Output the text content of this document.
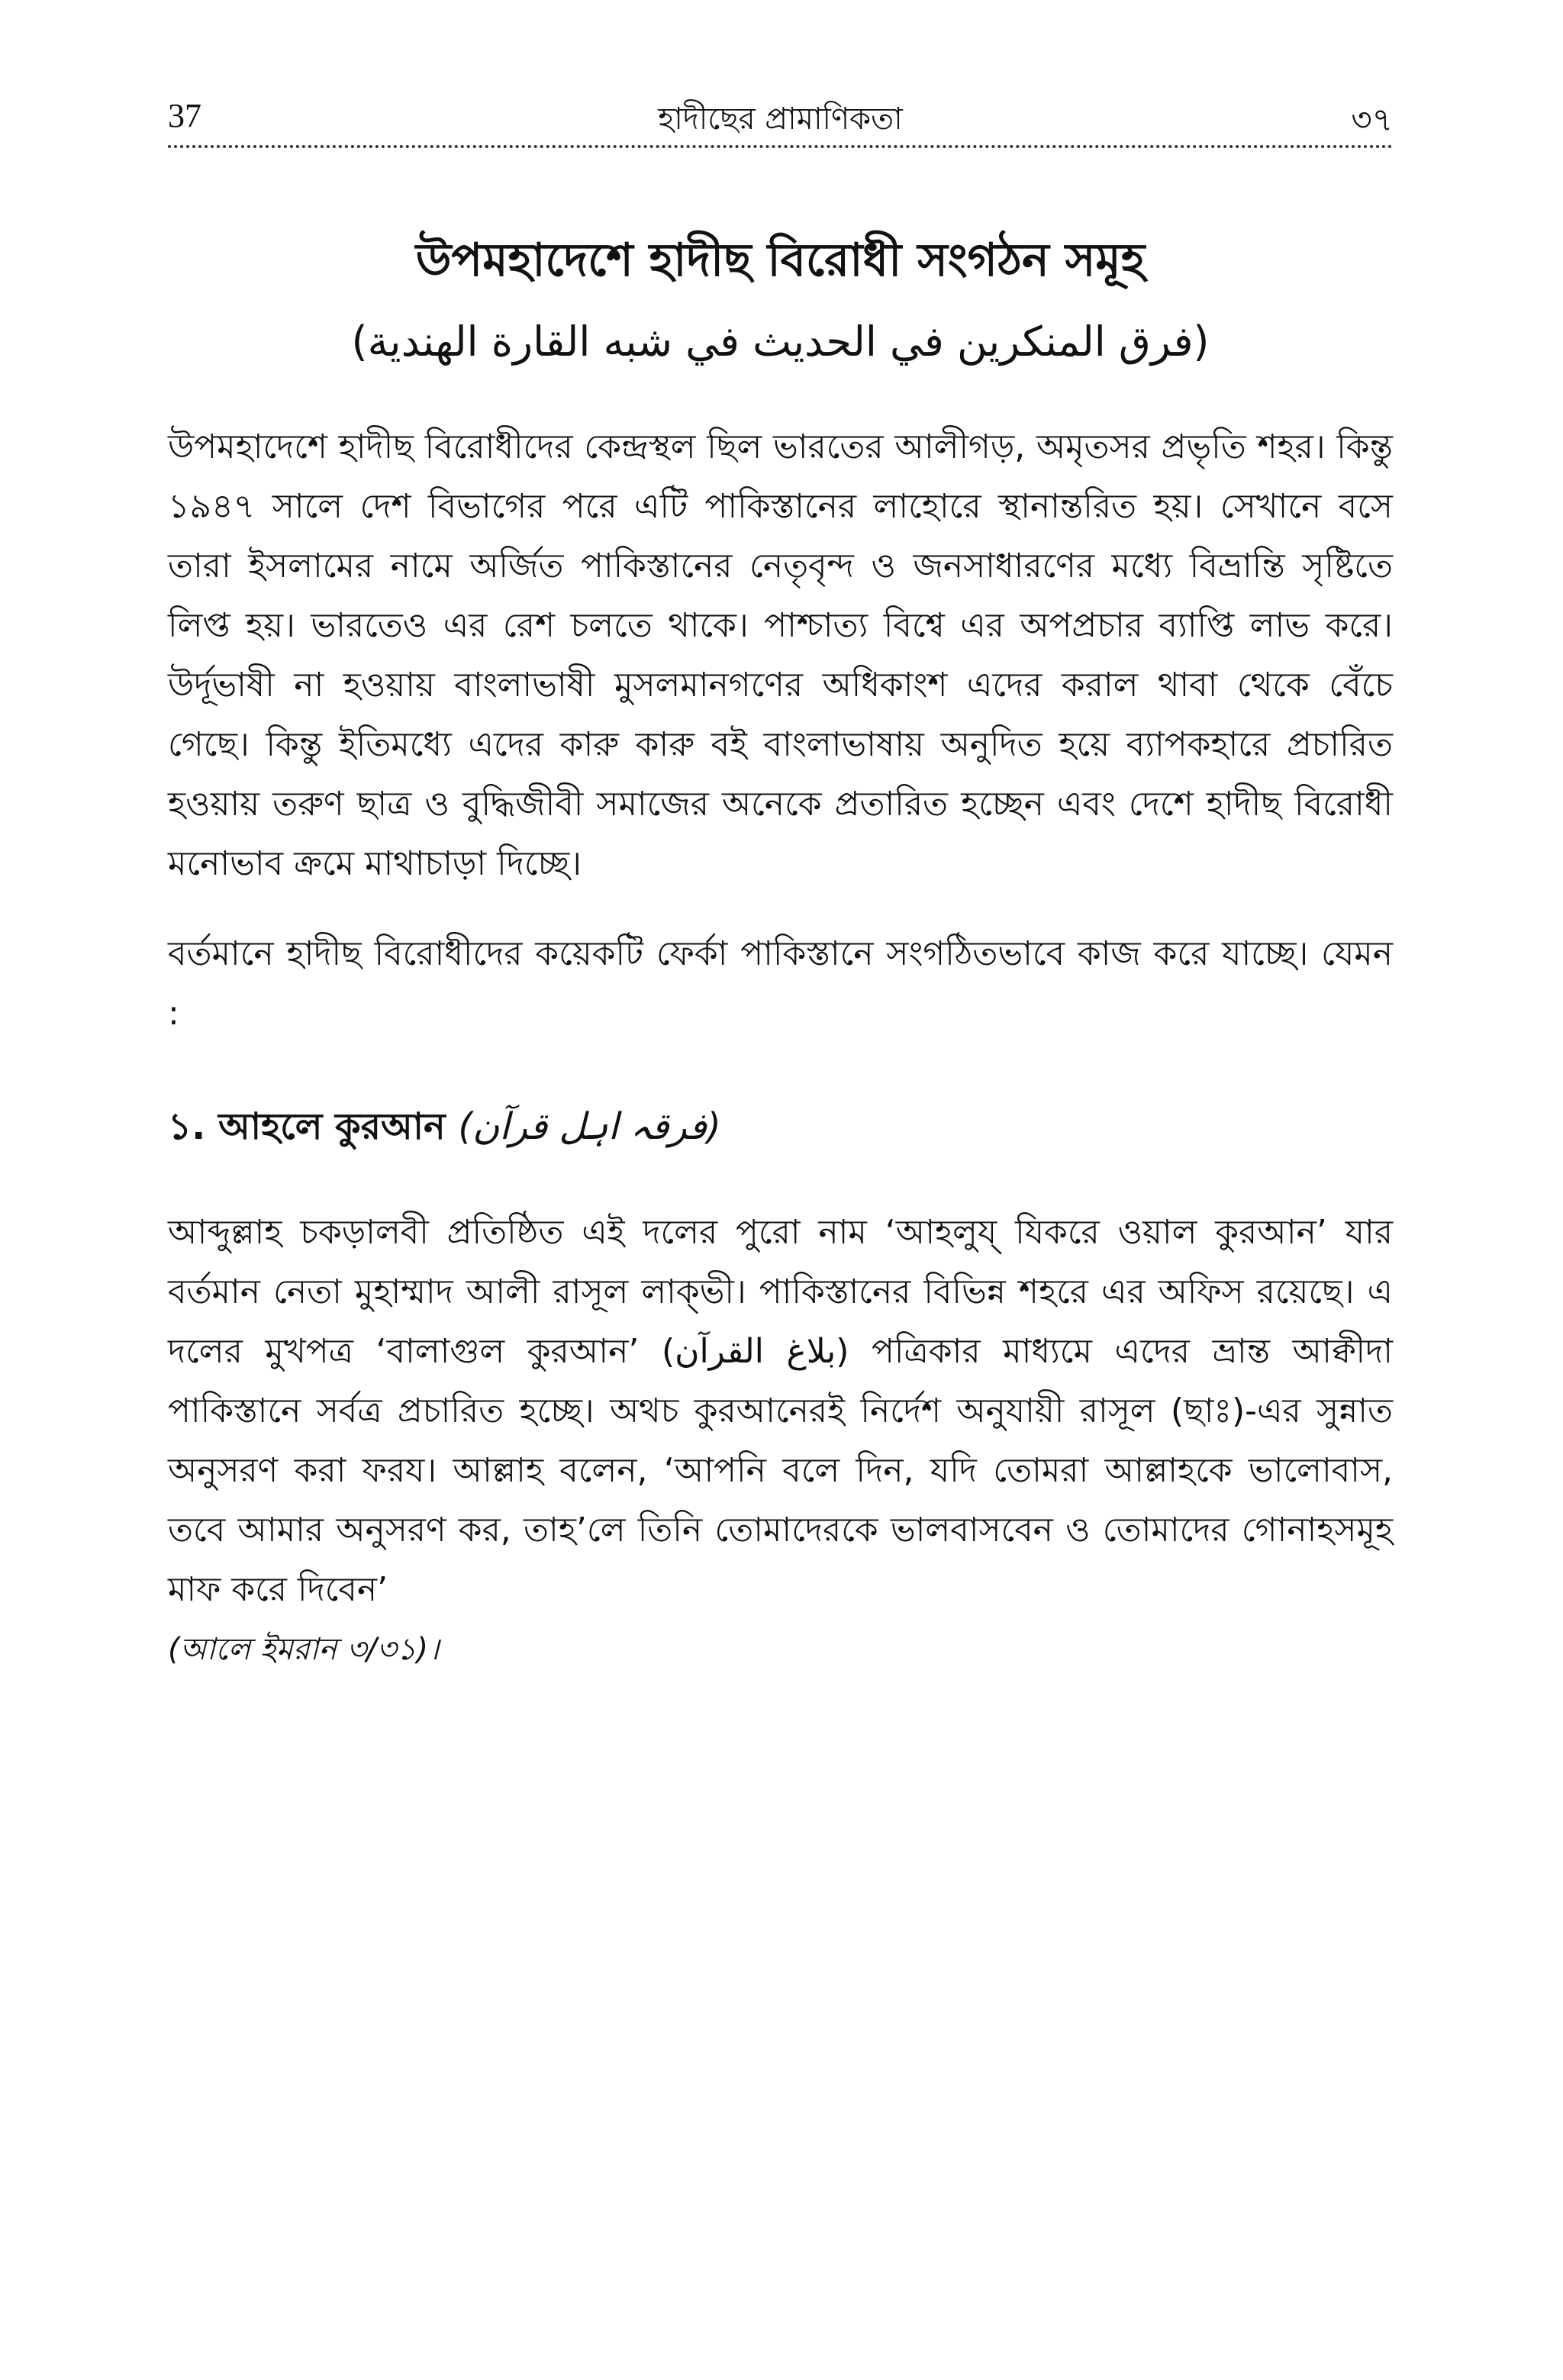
37	হাদীছের প্রামাণিকতা	৩৭
উপমহাদেশে হাদীছ বিরোধী সংগঠন সমূহ
(فرق المنكرين في الحديث في شبه القارة الهندية)

উপমহাদেশে হাদীছ বিরোধীদের কেন্দ্রস্থল ছিল ভারতের আলীগড়, অমৃতসর প্রভৃতি শহর। কিন্তু ১৯৪৭ সালে দেশ বিভাগের পরে এটি পাকিস্তানের লাহোরে স্থানান্তরিত হয়। সেখানে বসে তারা ইসলামের নামে অর্জিত পাকিস্তানের নেতৃবৃন্দ ও জনসাধারণের মধ্যে বিভ্রান্তি সৃষ্টিতে লিপ্ত হয়। ভারতেও এর রেশ চলতে থাকে। পাশ্চাত্য বিশ্বে এর অপপ্রচার ব্যাপ্তি লাভ করে। উর্দূভাষী না হওয়ায় বাংলাভাষী মুসলমানগণের অধিকাংশ এদের করাল থাবা থেকে বেঁচে গেছে। কিন্তু ইতিমধ্যে এদের কারু কারু বই বাংলাভাষায় অনুদিত হয়ে ব্যাপকহারে প্রচারিত হওয়ায় তরুণ ছাত্র ও বুদ্ধিজীবী সমাজের অনেকে প্রতারিত হচ্ছেন এবং দেশে হাদীছ বিরোধী মনোভাব ক্রমে মাথাচাড়া দিচ্ছে।

বর্তমানে হাদীছ বিরোধীদের কয়েকটি ফের্কা পাকিস্তানে সংগঠিতভাবে কাজ করে যাচ্ছে। যেমন :

১. আহলে কুরআন (فرقہ اہل قرآن)

আব্দুল্লাহ চকড়ালবী প্রতিষ্ঠিত এই দলের পুরো নাম ‘আহলুয্ যিকরে ওয়াল কুরআন’ যার বর্তমান নেতা মুহাম্মাদ আলী রাসূল লাক্ভী। পাকিস্তানের বিভিন্ন শহরে এর অফিস রয়েছে। এ দলের মুখপত্র ‘বালাগুল কুরআন’ (بلاغ القرآن) পত্রিকার মাধ্যমে এদের ভ্রান্ত আক্বীদা পাকিস্তানে সর্বত্র প্রচারিত হচ্ছে। অথচ কুরআনেরই নির্দেশ অনুযায়ী রাসূল (ছাঃ)-এর সুন্নাত অনুসরণ করা ফরয। আল্লাহ বলেন, ‘আপনি বলে দিন, যদি তোমরা আল্লাহকে ভালোবাস, তবে আমার অনুসরণ কর, তাহ’লে তিনি তোমাদেরকে ভালবাসবেন ও তোমাদের গোনাহসমূহ মাফ করে দিবেন’

(আলে ইমরান ৩/৩১)।
